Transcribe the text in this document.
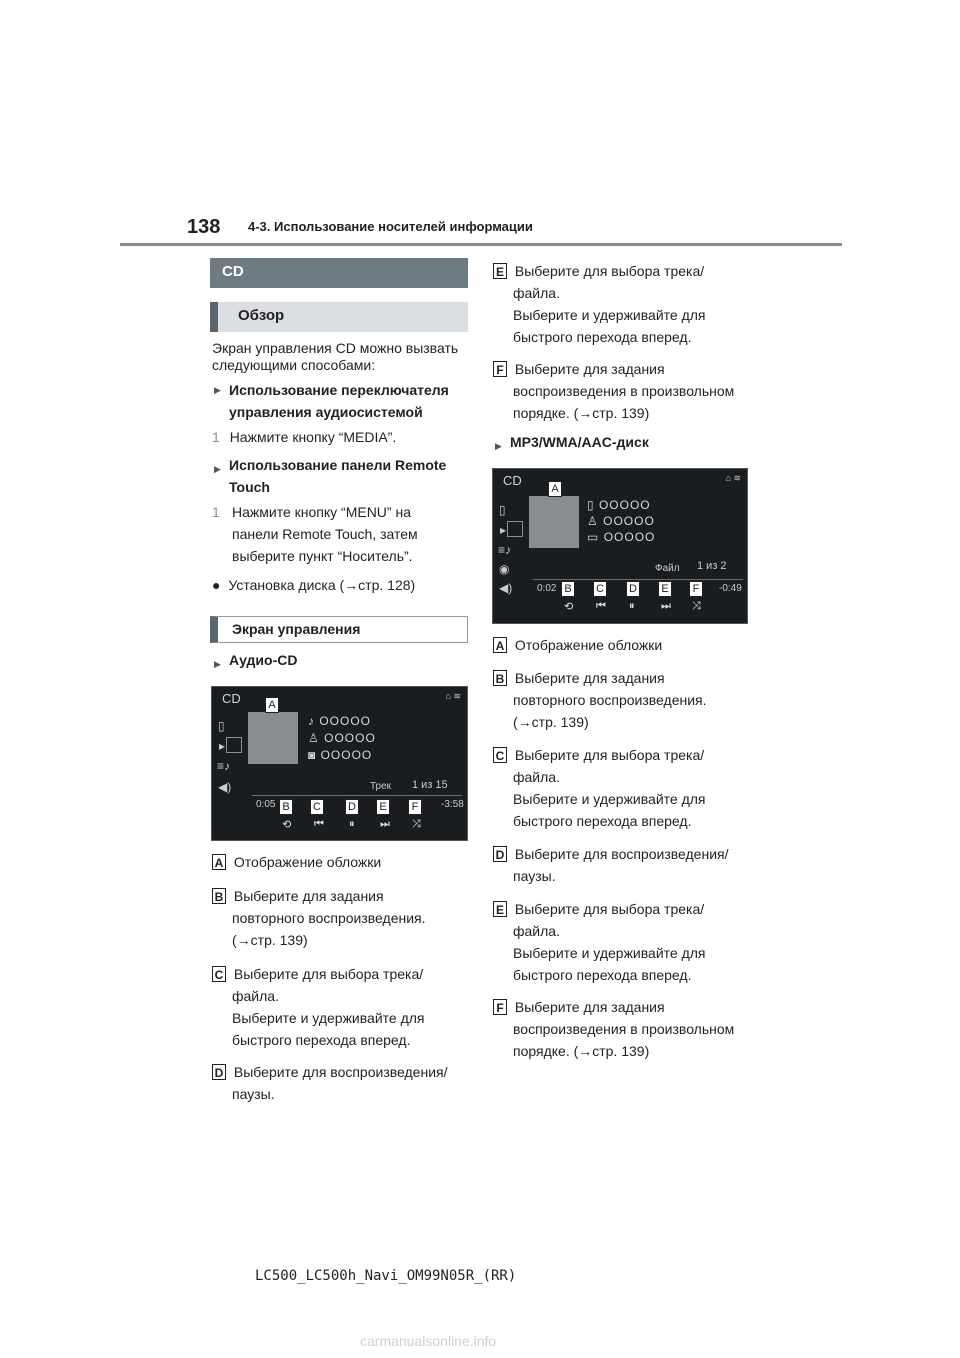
138 4-3. Использование носителей информации
CD
Обзор
Экран управления CD можно вызвать
следующими способами:
▶ Использование переключателя
управления аудиосистемой
1 Нажмите кнопку “MEDIA”.
▶ Использование панели Remote
Touch
1 Нажмите кнопку “MENU” на
панели Remote Touch, затем
выберите пункт “Носитель”.
● Установка диска (→стр. 128)
Экран управления
▶ Аудио-CD
CD	⌂ ≋
A
▯
▸
≡♪
◀)
♪ ООООО
♙ ООООО
◙ ООООО
Трек 1 из 15
0:05	-3:58
B	C D	E	F
⟲ ⏮ ⏸ ⏭ ⤨
A Отображение обложки
B Выберите для задания
повторного воспроизведения.
(→стр. 139)
C Выберите для выбора трека/
файла.
Выберите и удерживайте для
быстрого перехода вперед.
D Выберите для воспроизведения/
паузы.
E Выберите для выбора трека/
файла.
Выберите и удерживайте для
быстрого перехода вперед.
F Выберите для задания
воспроизведения в произвольном
порядке. (→стр. 139)
▶ MP3/WMA/AAC-диск
CD	⌂ ≋
A
▯
▸
≡♪
◉
◀)
▯ ООООО
♙ ООООО
▭ ООООО
Файл 1 из 2
0:02	-0:49
B	C D	E	F
⟲ ⏮ ⏸ ⏭ ⤨
A Отображение обложки
B Выберите для задания
повторного воспроизведения.
(→стр. 139)
C Выберите для выбора трека/
файла.
Выберите и удерживайте для
быстрого перехода вперед.
D Выберите для воспроизведения/
паузы.
E Выберите для выбора трека/
файла.
Выберите и удерживайте для
быстрого перехода вперед.
F Выберите для задания
воспроизведения в произвольном
порядке. (→стр. 139)
LC500_LC500h_Navi_OM99N05R_(RR)
carmanualsonline.info
